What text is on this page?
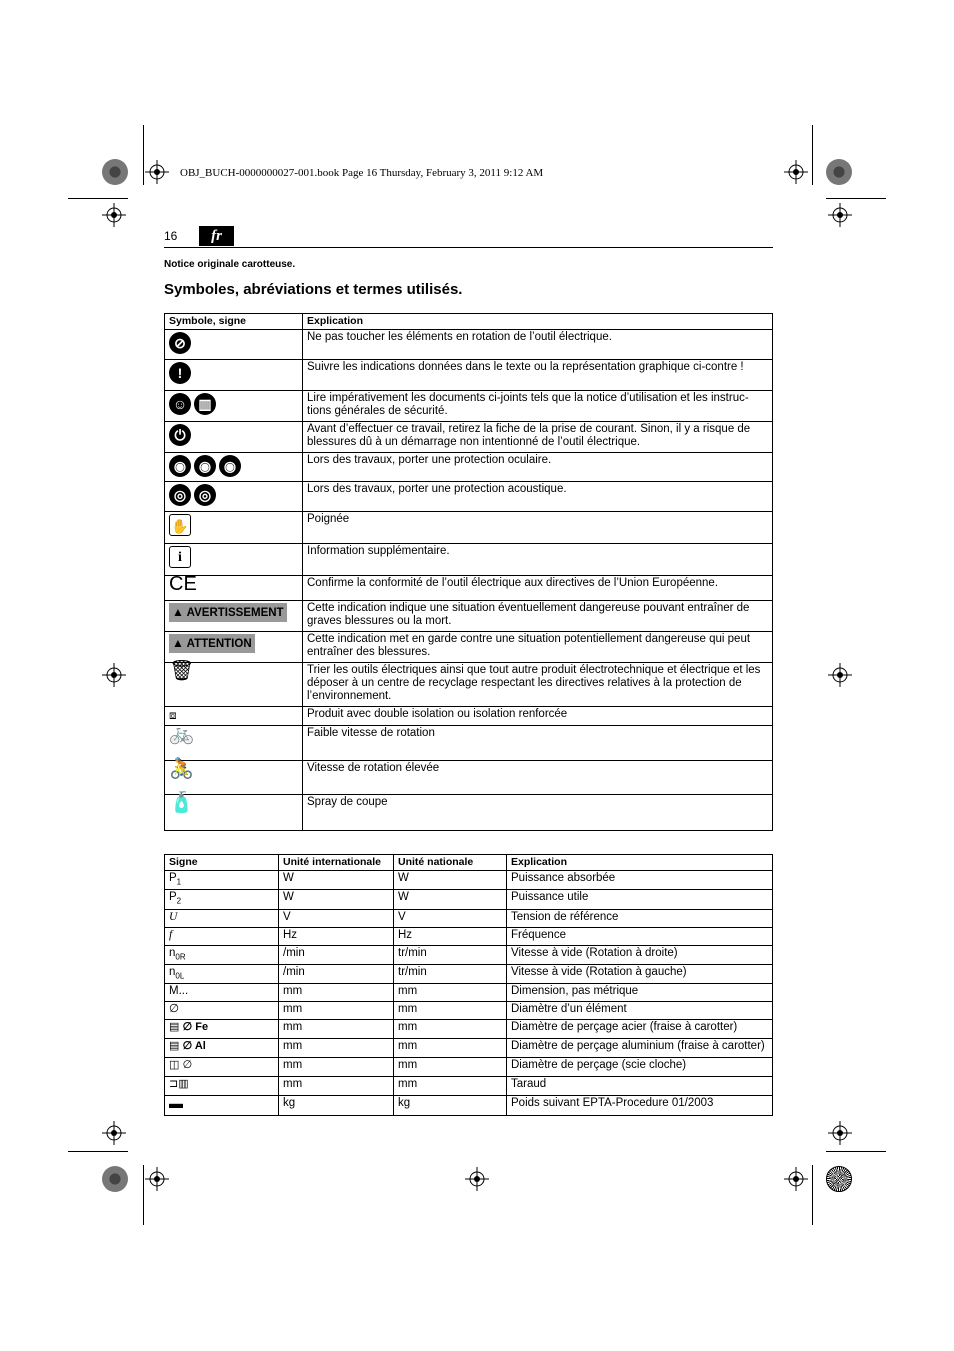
OBJ_BUCH-0000000027-001.book Page 16 Thursday, February 3, 2011 9:12 AM
16	fr
Notice originale carotteuse.
Symboles, abréviations et termes utilisés.
Symbole, signe	Explication
⊘	Ne pas toucher les éléments en rotation de l’outil électrique.
!	Suivre les indications données dans le texte ou la représentation graphique ci-contre !
☺ ▥	Lire impérativement les documents ci-joints tels que la notice d’utilisation et les instruc-tions générales de sécurité.
⏻	Avant d’effectuer ce travail, retirez la fiche de la prise de courant. Sinon, il y a risque de blessures dû à un démarrage non intentionné de l’outil électrique.
◉ ◉ ◉	Lors des travaux, porter une protection oculaire.
◎ ◎	Lors des travaux, porter une protection acoustique.
✋	Poignée
i	Information supplémentaire.
CE	Confirme la conformité de l’outil électrique aux directives de l’Union Européenne.
▲ AVERTISSEMENT	Cette indication indique une situation éventuellement dangereuse pouvant entraîner de graves blessures ou la mort.
▲ ATTENTION	Cette indication met en garde contre une situation potentiellement dangereuse qui peut entraîner des blessures.
🗑	Trier les outils électriques ainsi que tout autre produit électrotechnique et électrique et les déposer à un centre de recyclage respectant les directives relatives à la protection de l’environnement.
⧈	Produit avec double isolation ou isolation renforcée
🚲	Faible vitesse de rotation
🚴	Vitesse de rotation élevée
🧴	Spray de coupe
Signe	Unité internationale	Unité nationale	Explication
$P_1$	W	W	Puissance absorbée
$P_2$	W	W	Puissance utile
U	V	V	Tension de référence
f	Hz	Hz	Fréquence
$n_{0R}$	/min	tr/min	Vitesse à vide (Rotation à droite)
$n_{0L}$	/min	tr/min	Vitesse à vide (Rotation à gauche)
M...	mm	mm	Dimension, pas métrique
∅	mm	mm	Diamètre d’un élément
▤ ∅ Fe	mm	mm	Diamètre de perçage acier (fraise à carotter)
▤ ∅ Al	mm	mm	Diamètre de perçage aluminium (fraise à carotter)
◫ ∅	mm	mm	Diamètre de perçage (scie cloche)
⊐▥	mm	mm	Taraud
▬	kg	kg	Poids suivant EPTA-Procedure 01/2003
